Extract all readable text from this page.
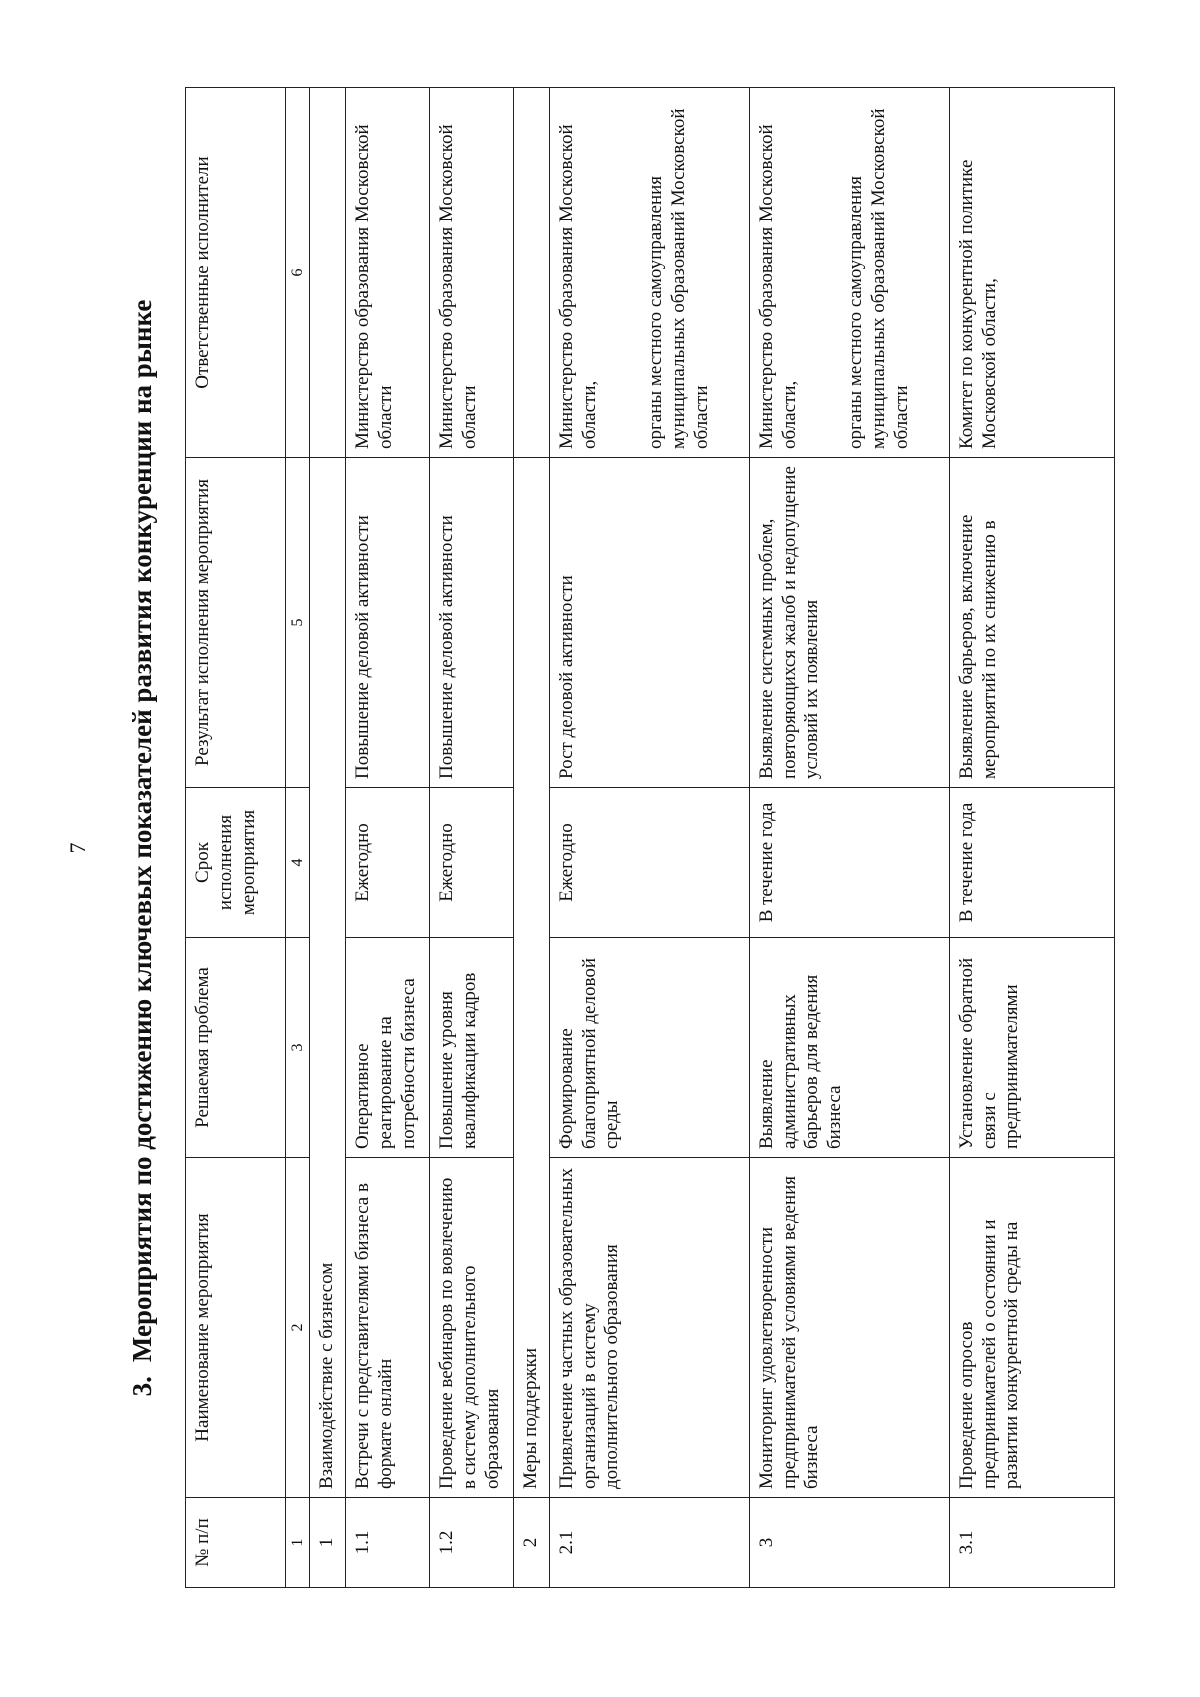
7
3.Мероприятия по достижению ключевых показателей развития конкуренции на рынке
№ п/п	Наименование мероприятия	Решаемая проблема	Срок исполнения мероприятия	Результат исполнения мероприятия	Ответственные исполнители
1	2	3	4	5	6
1	Взаимодействие с бизнесом				
1.1	Встречи с представителями бизнеса в формате онлайн	Оперативное реагирование на потребности бизнеса	Ежегодно	Повышение деловой активности	Министерство образования Московской области
1.2	Проведение вебинаров по вовлечению в систему дополнительного образования	Повышение уровня квалификации кадров	Ежегодно	Повышение деловой активности	Министерство образования Московской области
2	Меры поддержки				
2.1	Привлечение частных образовательных организаций в систему дополнительного образования	Формирование благоприятной деловой среды	Ежегодно	Рост деловой активности	Министерство образования Московской области, органы местного самоуправления муниципальных образований Московской области
3	Мониторинг удовлетворенности предпринимателей условиями ведения бизнеса	Выявление административных барьеров для ведения бизнеса	В течение года	Выявление системных проблем, повторяющихся жалоб и недопущение условий их появления	Министерство образования Московской области, органы местного самоуправления муниципальных образований Московской области
3.1	Проведение опросов предпринимателей о состоянии и развитии конкурентной среды на	Установление обратной связи с предпринимателями	В течение года	Выявление барьеров, включение мероприятий по их снижению в	Комитет по конкурентной политике Московской области,
